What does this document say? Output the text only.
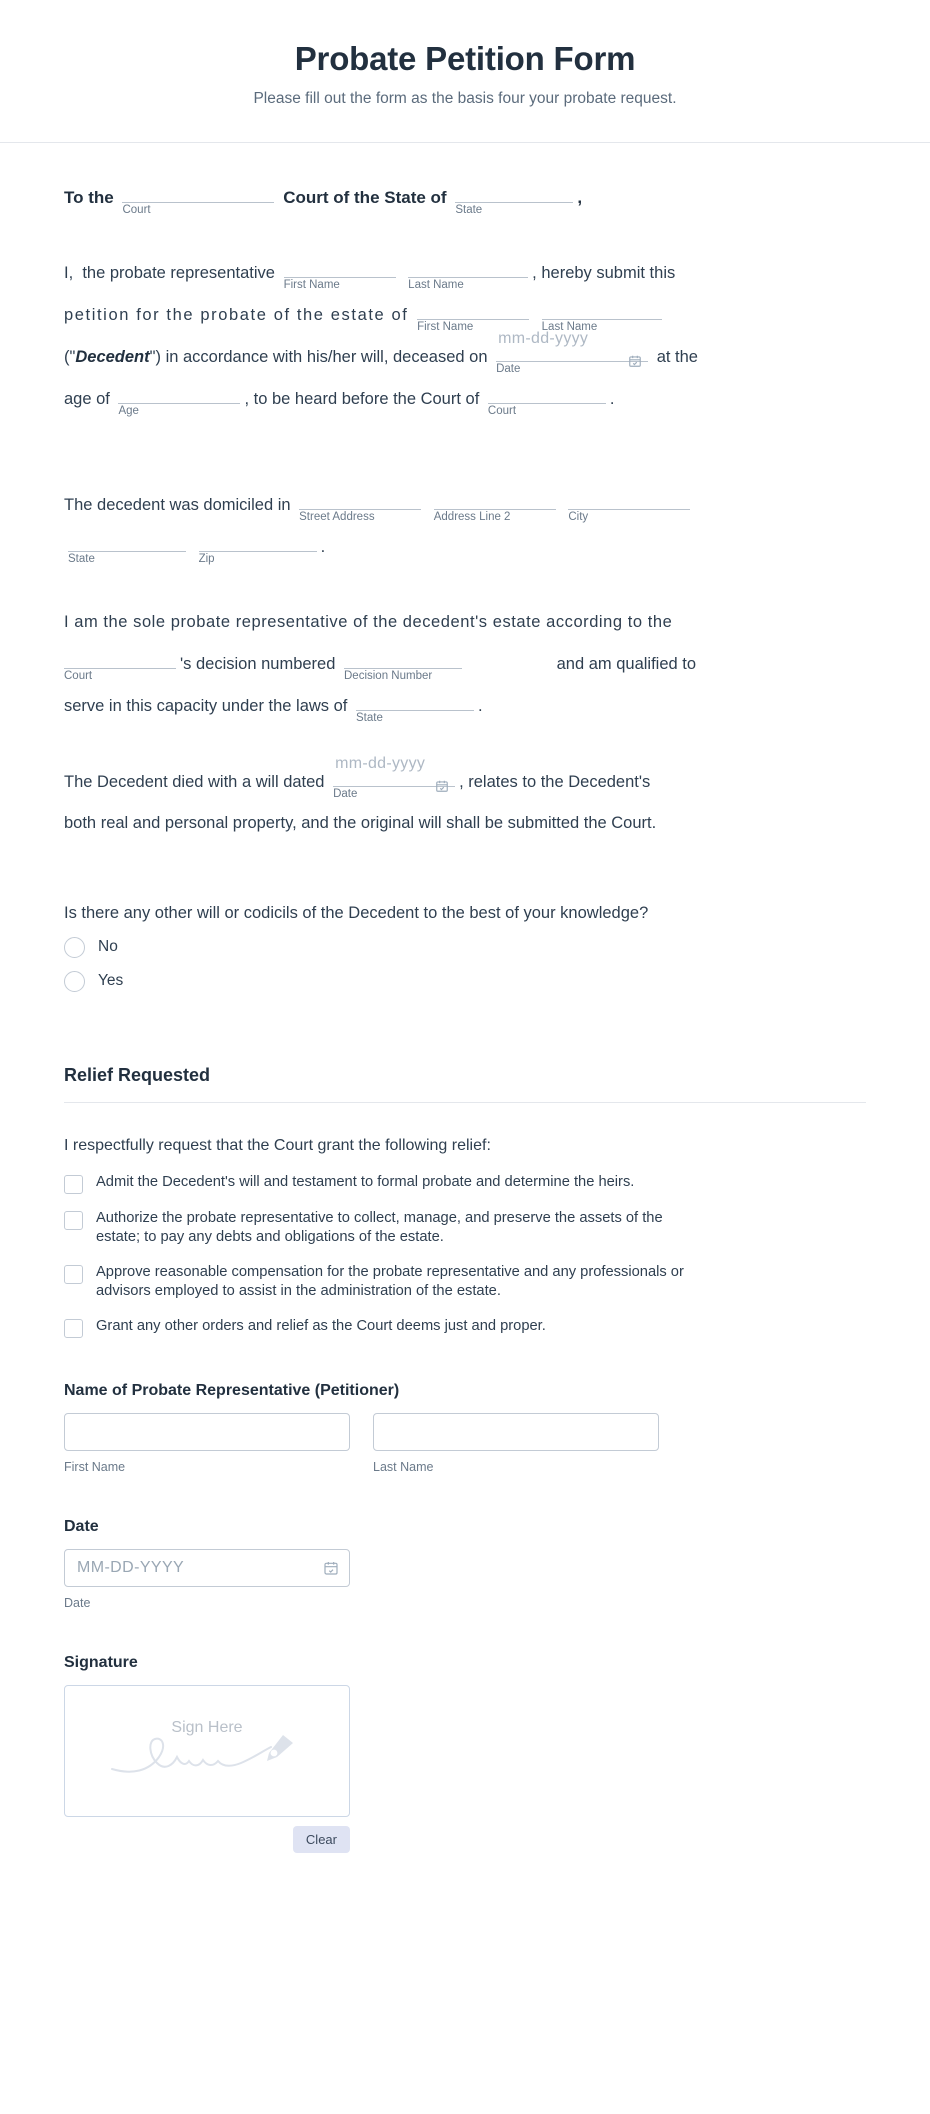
Probate Petition Form

Please fill out the form as the basis four your probate request.

To the
Court
Court of the State of
State
,
I, the probate representative
First Name
	Last Name
, hereby submit this
petition for the probate of the estate of
First Name
	Last Name

("Decedent") in accordance with his/her will, deceased on
mm-dd-yyyy
Date
at the
age of
Age
, to be heard before the Court of
Court
.
The decedent was domiciled in
Street Address
	Address Line 2
	City

State
	Zip
.
I am the sole probate representative of the decedent's estate according to the

Court
's decision numbered
Decision Number
and am qualified to
serve in this capacity under the laws of
State
.
The Decedent died with a will dated
mm-dd-yyyy
Date
, relates to the Decedent's
both real and personal property, and the original will shall be submitted the Court.
Is there any other will or codicils of the Decedent to the best of your knowledge?
No
Yes
Relief Requested
I respectfully request that the Court grant the following relief:
Admit the Decedent's will and testament to formal probate and determine the heirs.
Authorize the probate representative to collect, manage, and preserve the assets of the estate; to pay any debts and obligations of the estate.
Approve reasonable compensation for the probate representative and any professionals or advisors employed to assist in the administration of the estate.
Grant any other orders and relief as the Court deems just and proper.
Name of Probate Representative (Petitioner)
First Name	Last Name
Date
MM-DD-YYYY
Date
Signature
Sign Here
Clear
